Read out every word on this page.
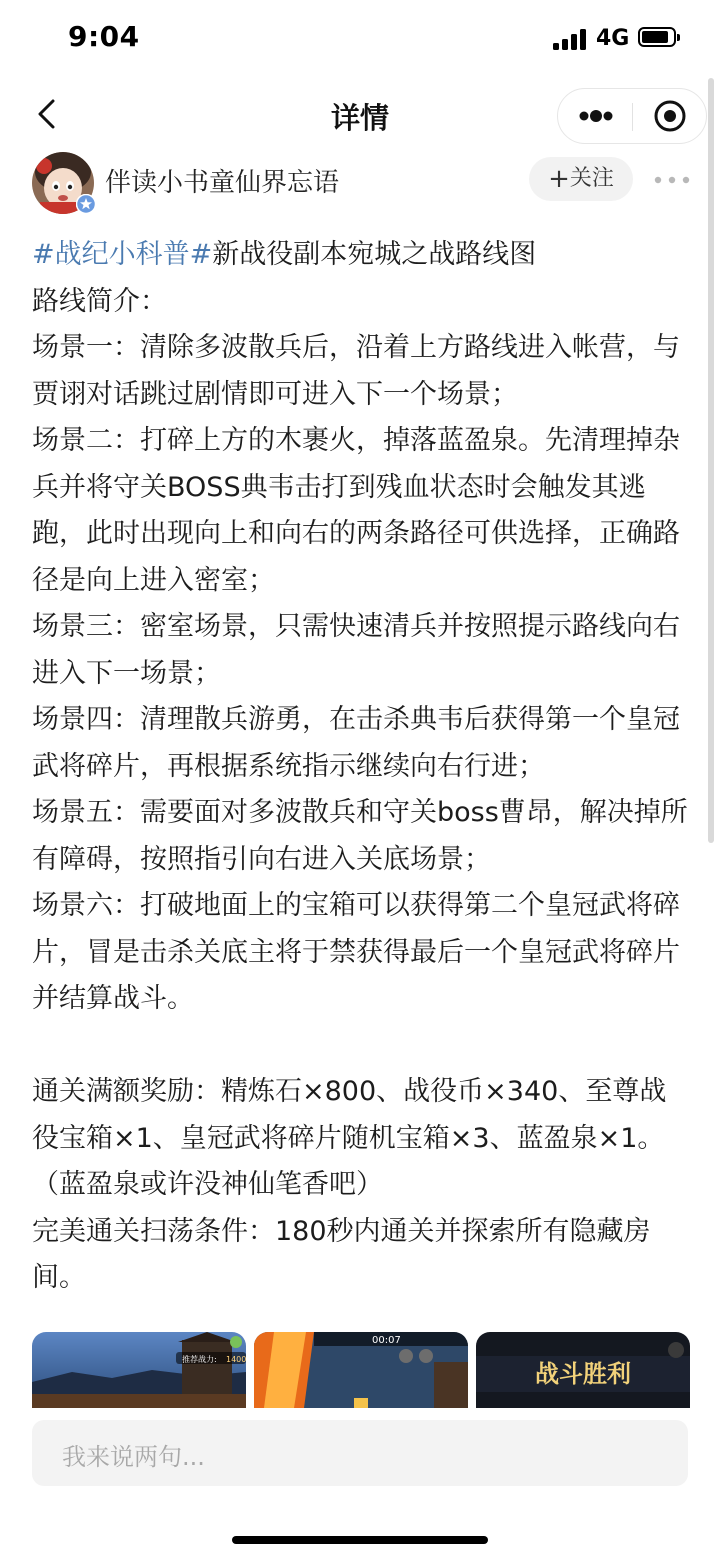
9:04	4G
详情
伴读小书童仙界忘语	+关注

#战纪小科普#新战役副本宛城之战路线图

路线简介：

场景一：清除多波散兵后，沿着上方路线进入帐营，与贾诩对话跳过剧情即可进入下一个场景；

场景二：打碎上方的木裹火，掉落蓝盈泉。先清理掉杂兵并将守关BOSS典韦击打到残血状态时会触发其逃跑，此时出现向上和向右的两条路径可供选择，正确路径是向上进入密室；

场景三：密室场景，只需快速清兵并按照提示路线向右进入下一场景；

场景四：清理散兵游勇，在击杀典韦后获得第一个皇冠武将碎片，再根据系统指示继续向右行进；

场景五：需要面对多波散兵和守关boss曹昂，解决掉所有障碍，按照指引向右进入关底场景；

场景六：打破地面上的宝箱可以获得第二个皇冠武将碎片，冒是击杀关底主将于禁获得最后一个皇冠武将碎片并结算战斗。

通关满额奖励：精炼石×800、战役币×340、至尊战役宝箱×1、皇冠武将碎片随机宝箱×3、蓝盈泉×1。（蓝盈泉或许没神仙笔香吧）

完美通关扫荡条件：180秒内通关并探索所有隐藏房间。

推荐战力: 1400
00:07
战斗胜利
我来说两句...
